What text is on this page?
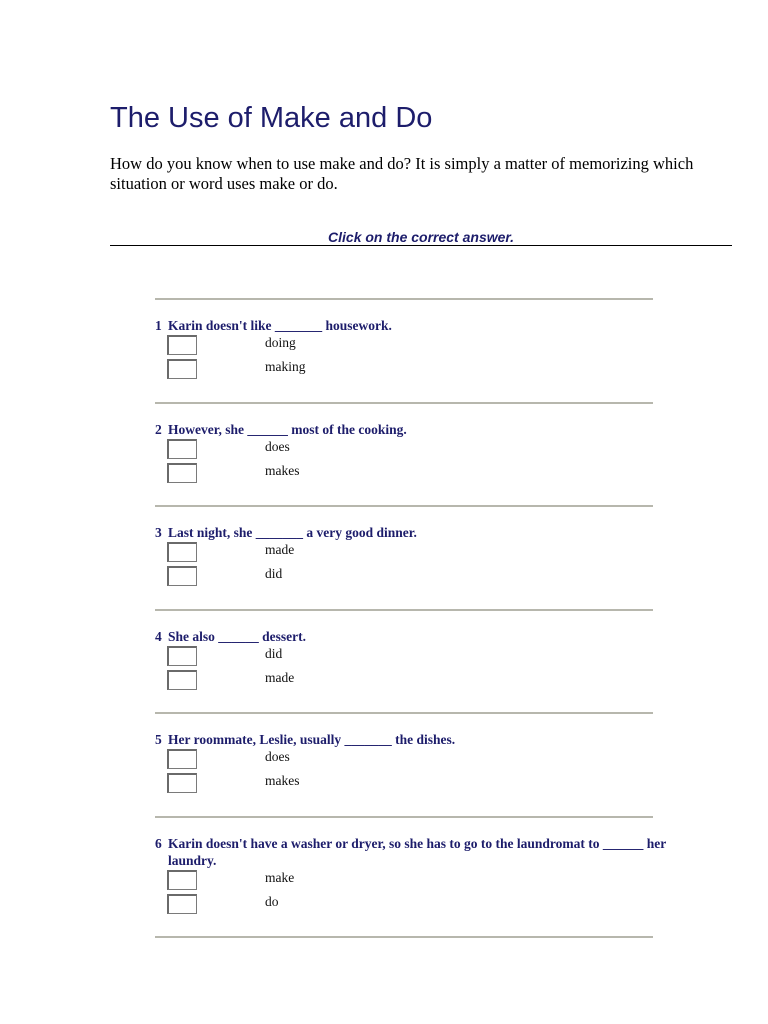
The Use of Make and Do

How do you know when to use make and do? It is simply a matter of memorizing which situation or word uses make or do.

Click on the correct answer.
1 Karin doesn't like _______ housework.
doing
making
2 However, she ______ most of the cooking.
does
makes
3 Last night, she _______ a very good dinner.
made
did
4 She also ______ dessert.
did
made
5 Her roommate, Leslie, usually _______ the dishes.
does
makes
6 Karin doesn't have a washer or dryer, so she has to go to the laundromat to ______ her laundry.
make
do
